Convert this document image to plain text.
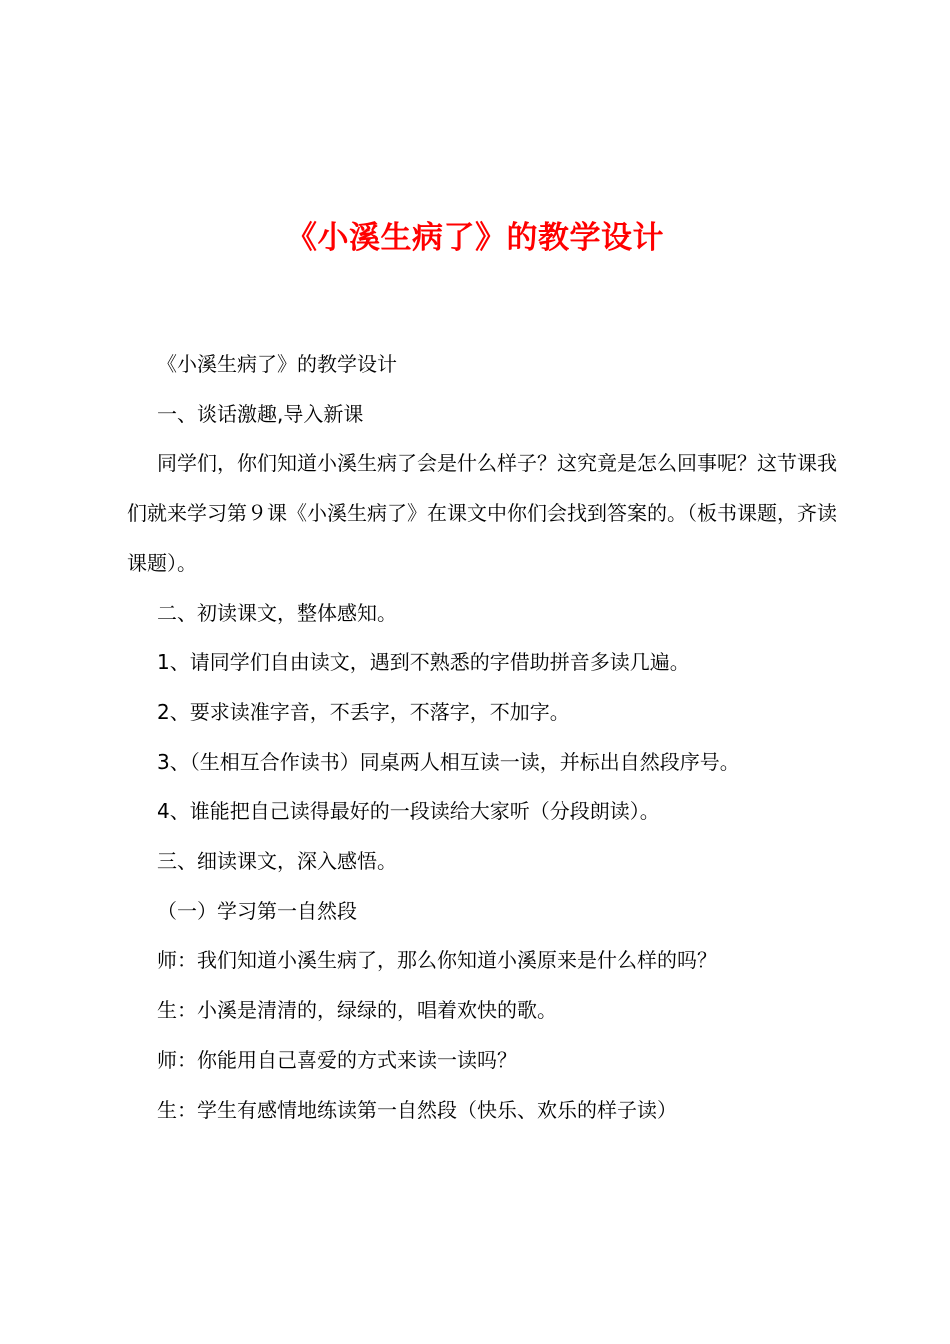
《小溪生病了》的教学设计

《小溪生病了》的教学设计

一、谈话激趣,导入新课

同学们，你们知道小溪生病了会是什么样子？这究竟是怎么回事呢？这节课我们就来学习第９课《小溪生病了》在课文中你们会找到答案的。（板书课题，齐读课题）。

二、初读课文，整体感知。

1、请同学们自由读文，遇到不熟悉的字借助拼音多读几遍。

2、要求读准字音，不丢字，不落字，不加字。

3、（生相互合作读书）同桌两人相互读一读，并标出自然段序号。

4、谁能把自己读得最好的一段读给大家听（分段朗读）。

三、细读课文，深入感悟。

（一）学习第一自然段

师：我们知道小溪生病了，那么你知道小溪原来是什么样的吗？

生：小溪是清清的，绿绿的，唱着欢快的歌。

师：你能用自己喜爱的方式来读一读吗？

生：学生有感情地练读第一自然段（快乐、欢乐的样子读）
